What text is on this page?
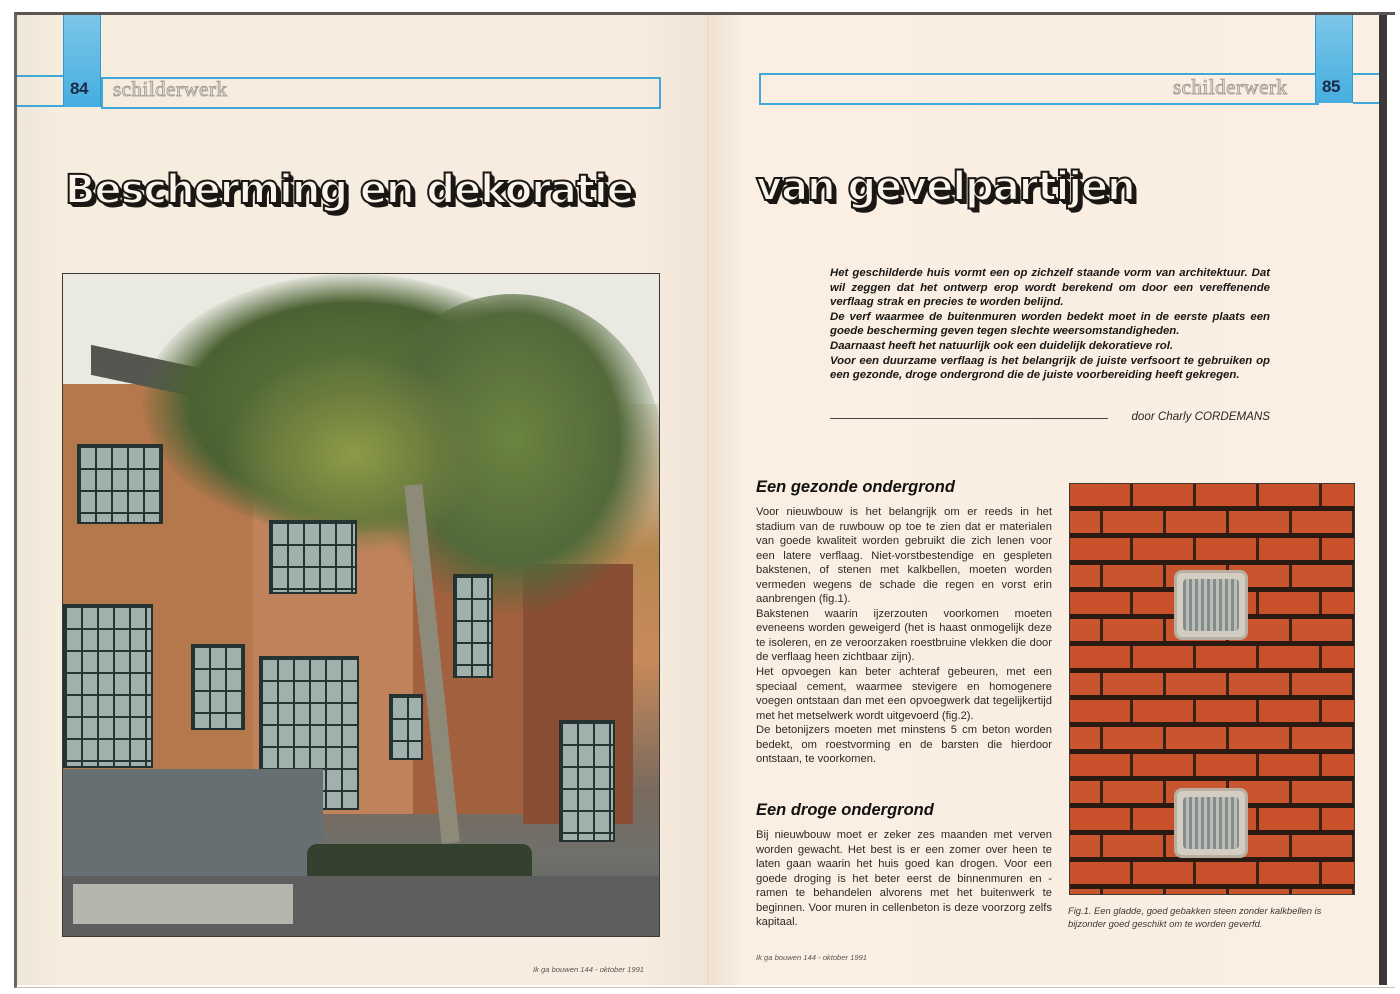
84 schilderwerk
Bescherming en dekoratie
Ik ga bouwen 144 - oktober 1991
schilderwerk 85
van gevelpartijen

Het geschilderde huis vormt een op zichzelf staande vorm van architektuur. Dat wil zeggen dat het ontwerp erop wordt berekend om door een vereffenende verflaag strak en precies te worden belijnd.

De verf waarmee de buitenmuren worden bedekt moet in de eerste plaats een goede bescherming geven tegen slechte weersomstandigheden.

Daarnaast heeft het natuurlijk ook een duidelijk dekoratieve rol.

Voor een duurzame verflaag is het belangrijk de juiste verfsoort te gebruiken op een gezonde, droge ondergrond die de juiste voorbereiding heeft gekregen.

door Charly CORDEMANS
Een gezonde ondergrond

Voor nieuwbouw is het belangrijk om er reeds in het stadium van de ruwbouw op toe te zien dat er materialen van goede kwaliteit worden gebruikt die zich lenen voor een latere verflaag. Niet-vorstbestendige en gespleten bakstenen, of stenen met kalkbellen, moeten worden vermeden wegens de schade die regen en vorst erin aanbrengen (fig.1).

Bakstenen waarin ijzerzouten voorkomen moeten eveneens worden geweigerd (het is haast onmogelijk deze te isoleren, en ze veroorzaken roestbruine vlekken die door de verflaag heen zichtbaar zijn).

Het opvoegen kan beter achteraf gebeuren, met een speciaal cement, waarmee stevigere en homogenere voegen ontstaan dan met een opvoegwerk dat tegelijkertijd met het metselwerk wordt uitgevoerd (fig.2).

De betonijzers moeten met minstens 5 cm beton worden bedekt, om roestvorming en de barsten die hierdoor ontstaan, te voorkomen.

Een droge ondergrond

Bij nieuwbouw moet er zeker zes maanden met verven worden gewacht. Het best is er een zomer over heen te laten gaan waarin het huis goed kan drogen. Voor een goede droging is het beter eerst de binnenmuren en -ramen te behandelen alvorens met het buitenwerk te beginnen. Voor muren in cellenbeton is deze voorzorg zelfs kapitaal.

Fig.1. Een gladde, goed gebakken steen zonder kalkbellen is bijzonder goed geschikt om te worden geverfd.
Ik ga bouwen 144 - oktober 1991
